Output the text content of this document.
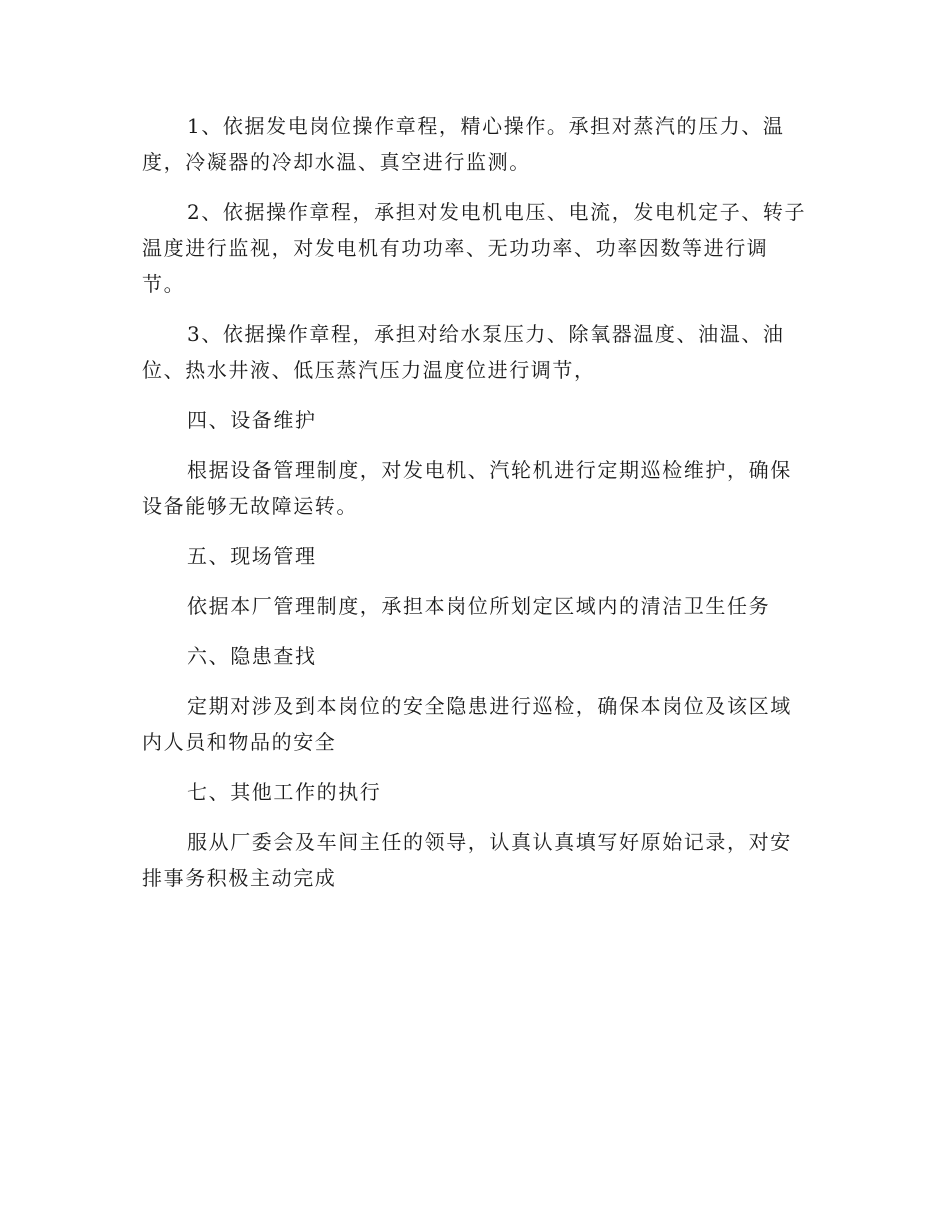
1、依据发电岗位操作章程，精心操作。承担对蒸汽的压力、温度，冷凝器的冷却水温、真空进行监测。

2、依据操作章程，承担对发电机电压、电流，发电机定子、转子温度进行监视，对发电机有功功率、无功功率、功率因数等进行调节。

3、依据操作章程，承担对给水泵压力、除氧器温度、油温、油位、热水井液、低压蒸汽压力温度位进行调节，

四、设备维护

根据设备管理制度，对发电机、汽轮机进行定期巡检维护，确保设备能够无故障运转。

五、现场管理

依据本厂管理制度，承担本岗位所划定区域内的清洁卫生任务

六、隐患查找

定期对涉及到本岗位的安全隐患进行巡检，确保本岗位及该区域内人员和物品的安全

七、其他工作的执行

服从厂委会及车间主任的领导，认真认真填写好原始记录，对安排事务积极主动完成
